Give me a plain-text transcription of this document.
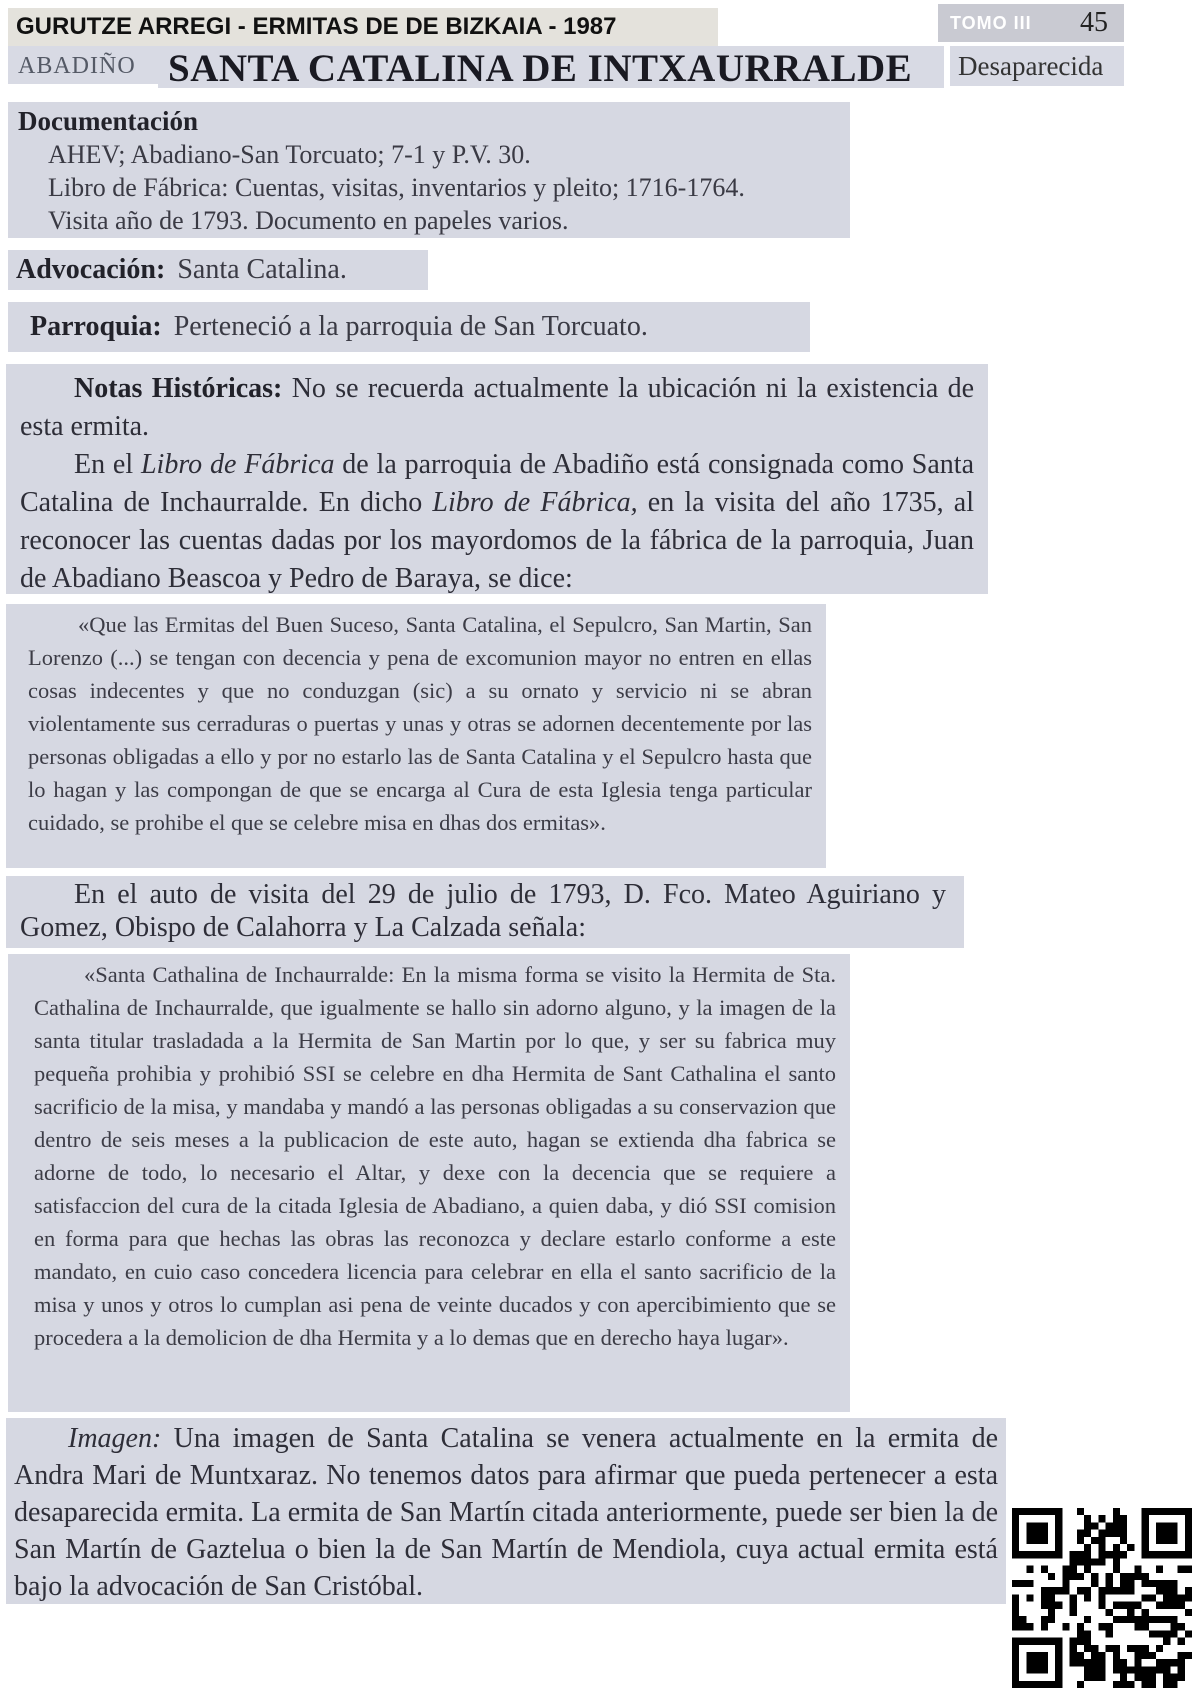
GURUTZE ARREGI - ERMITAS DE DE BIZKAIA - 1987	TOMO III 45
ABADIÑO SANTA CATALINA DE INTXAURRALDE	Desaparecida
Documentación
AHEV; Abadiano-San Torcuato; 7-1 y P.V. 30.
Libro de Fábrica: Cuentas, visitas, inventarios y pleito; 1716-1764.
Visita año de 1793. Documento en papeles varios.
Advocación: Santa Catalina.
Parroquia: Perteneció a la parroquia de San Torcuato.
Notas Históricas: No se recuerda actualmente la ubicación ni la existencia de esta ermita.
En el Libro de Fábrica de la parroquia de Abadiño está consignada como Santa Catalina de Inchaurralde. En dicho Libro de Fábrica, en la visita del año 1735, al reconocer las cuentas dadas por los mayordomos de la fábrica de la parroquia, Juan de Abadiano Beascoa y Pedro de Baraya, se dice:
«Que las Ermitas del Buen Suceso, Santa Catalina, el Sepulcro, San Martin, San Lorenzo (...) se tengan con decencia y pena de excomunion mayor no entren en ellas cosas indecentes y que no conduzgan (sic) a su ornato y servicio ni se abran violentamente sus cerraduras o puertas y unas y otras se adornen decentemente por las personas obligadas a ello y por no estarlo las de Santa Catalina y el Sepulcro hasta que lo hagan y las compongan de que se encarga al Cura de esta Iglesia tenga particular cuidado, se prohibe el que se celebre misa en dhas dos ermitas».
En el auto de visita del 29 de julio de 1793, D. Fco. Mateo Aguiriano y Gomez, Obispo de Calahorra y La Calzada señala:
«Santa Cathalina de Inchaurralde: En la misma forma se visito la Hermita de Sta. Cathalina de Inchaurralde, que igualmente se hallo sin adorno alguno, y la imagen de la santa titular trasladada a la Hermita de San Martin por lo que, y ser su fabrica muy pequeña prohibia y prohibió SSI se celebre en dha Hermita de Sant Cathalina el santo sacrificio de la misa, y mandaba y mandó a las personas obligadas a su conservazion que dentro de seis meses a la publicacion de este auto, hagan se extienda dha fabrica se adorne de todo, lo necesario el Altar, y dexe con la decencia que se requiere a satisfaccion del cura de la citada Iglesia de Abadiano, a quien daba, y dió SSI comision en forma para que hechas las obras las reconozca y declare estarlo conforme a este mandato, en cuio caso concedera licencia para celebrar en ella el santo sacrificio de la misa y unos y otros lo cumplan asi pena de veinte ducados y con apercibimiento que se procedera a la demolicion de dha Hermita y a lo demas que en derecho haya lugar».
Imagen: Una imagen de Santa Catalina se venera actualmente en la ermita de Andra Mari de Muntxaraz. No tenemos datos para afirmar que pueda pertenecer a esta desaparecida ermita. La ermita de San Martín citada anteriormente, puede ser bien la de San Martín de Gaztelua o bien la de San Martín de Mendiola, cuya actual ermita está bajo la advocación de San Cristóbal.
